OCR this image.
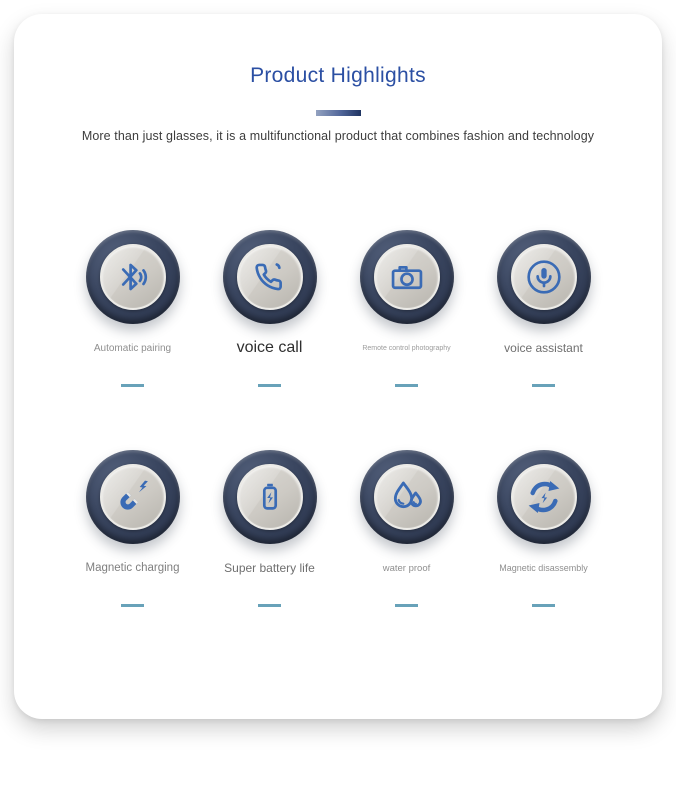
Product Highlights

More than just glasses, it is a multifunctional product that combines fashion and technology

Automatic pairing	voice call	Remote control photography	voice assistant
Magnetic charging	Super battery life	water proof	Magnetic disassembly
